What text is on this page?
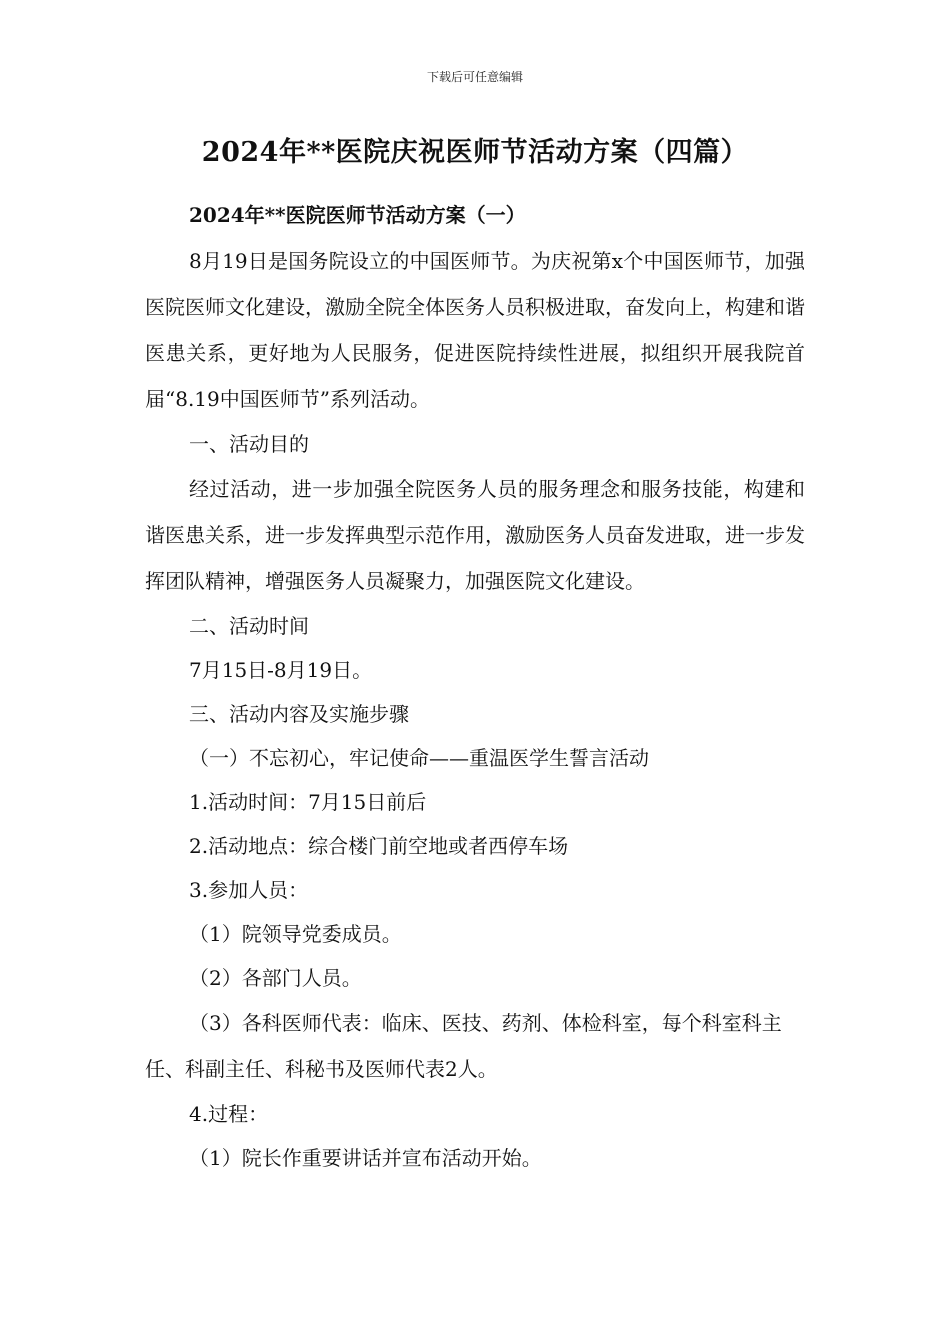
下载后可任意编辑
2024年**医院庆祝医师节活动方案（四篇）

2024年**医院医师节活动方案（一）

8月19日是国务院设立的中国医师节。为庆祝第x个中国医师节，加强医院医师文化建设，激励全院全体医务人员积极进取，奋发向上，构建和谐医患关系，更好地为人民服务，促进医院持续性进展，拟组织开展我院首届“8.19中国医师节”系列活动。

一、活动目的

经过活动，进一步加强全院医务人员的服务理念和服务技能，构建和谐医患关系，进一步发挥典型示范作用，激励医务人员奋发进取，进一步发挥团队精神，增强医务人员凝聚力，加强医院文化建设。

二、活动时间

7月15日-8月19日。

三、活动内容及实施步骤

（一）不忘初心，牢记使命——重温医学生誓言活动

1.活动时间：7月15日前后

2.活动地点：综合楼门前空地或者西停车场

3.参加人员：

（1）院领导党委成员。

（2）各部门人员。

（3）各科医师代表：临床、医技、药剂、体检科室，每个科室科主任、科副主任、科秘书及医师代表2人。

4.过程：

（1）院长作重要讲话并宣布活动开始。
